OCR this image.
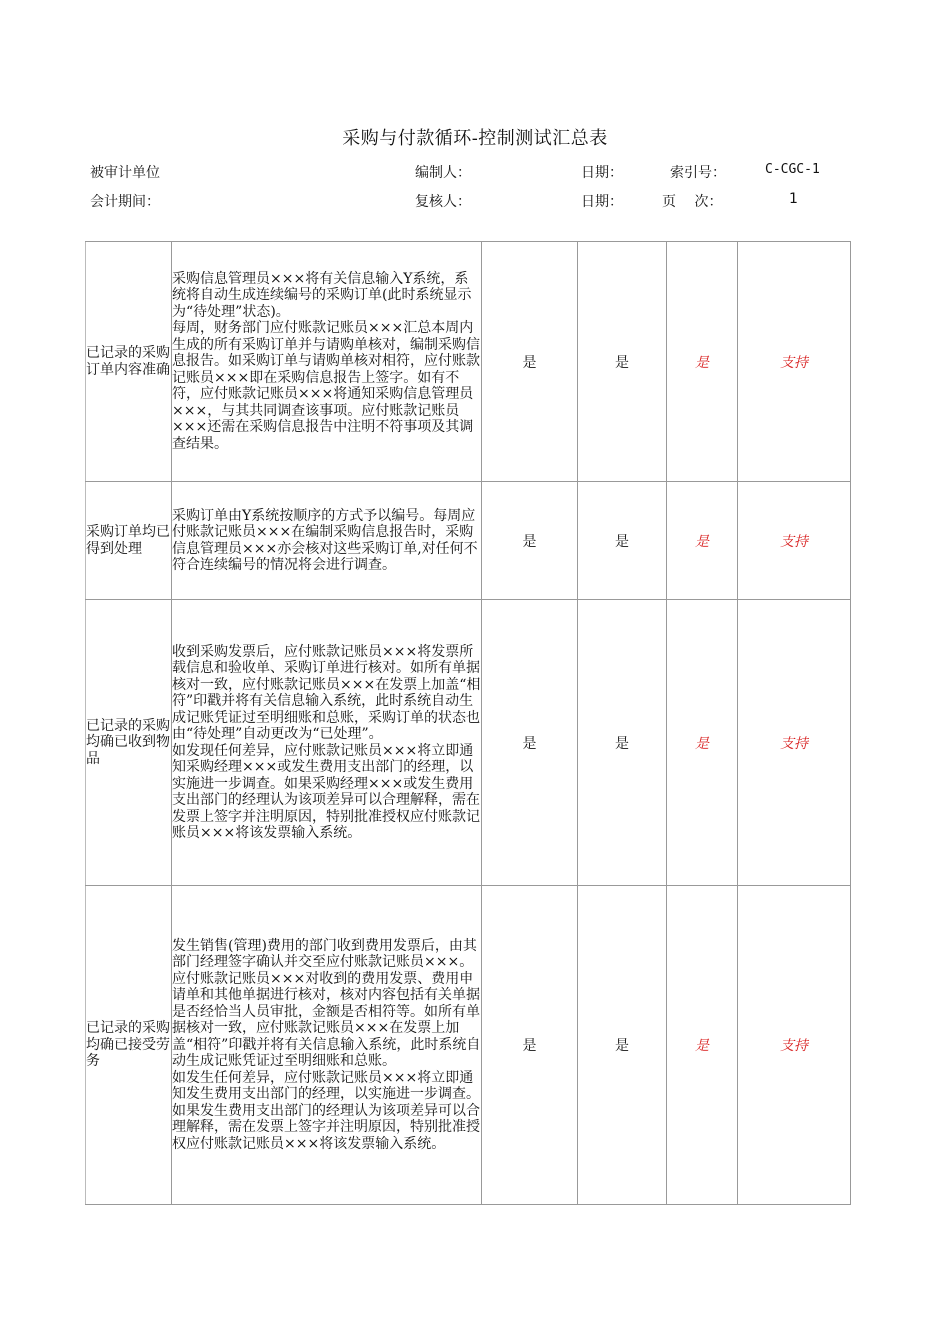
采购与付款循环-控制测试汇总表
被审计单位	编制人：	日期：	索引号：	C-CGC-1
会计期间：	复核人：	日期：	页　 次：	1
已记录的采购订单内容准确	采购信息管理员×××将有关信息输入Y系统，系统将自动生成连续编号的采购订单(此时系统显示为“待处理”状态)。
每周，财务部门应付账款记账员×××汇总本周内生成的所有采购订单并与请购单核对，编制采购信息报告。如采购订单与请购单核对相符，应付账款记账员×××即在采购信息报告上签字。如有不符，应付账款记账员×××将通知采购信息管理员×××，与其共同调查该事项。应付账款记账员×××还需在采购信息报告中注明不符事项及其调查结果。	是	是	是	支持
采购订单均已得到处理	采购订单由Y系统按顺序的方式予以编号。每周应付账款记账员×××在编制采购信息报告时，采购信息管理员×××亦会核对这些采购订单,对任何不符合连续编号的情况将会进行调查。	是	是	是	支持
已记录的采购均确已收到物品	收到采购发票后，应付账款记账员×××将发票所载信息和验收单、采购订单进行核对。如所有单据核对一致，应付账款记账员×××在发票上加盖“相符”印戳并将有关信息输入系统，此时系统自动生成记账凭证过至明细账和总账，采购订单的状态也由“待处理”自动更改为“已处理”。
如发现任何差异，应付账款记账员×××将立即通知采购经理×××或发生费用支出部门的经理，以实施进一步调查。如果采购经理×××或发生费用支出部门的经理认为该项差异可以合理解释，需在发票上签字并注明原因，特别批准授权应付账款记账员×××将该发票输入系统。	是	是	是	支持
已记录的采购均确已接受劳务	发生销售(管理)费用的部门收到费用发票后，由其部门经理签字确认并交至应付账款记账员×××。
应付账款记账员×××对收到的费用发票、费用申请单和其他单据进行核对，核对内容包括有关单据是否经恰当人员审批，金额是否相符等。如所有单据核对一致，应付账款记账员×××在发票上加盖“相符”印戳并将有关信息输入系统，此时系统自动生成记账凭证过至明细账和总账。
如发生任何差异，应付账款记账员×××将立即通知发生费用支出部门的经理，以实施进一步调查。如果发生费用支出部门的经理认为该项差异可以合理解释，需在发票上签字并注明原因，特别批准授权应付账款记账员×××将该发票输入系统。	是	是	是	支持
